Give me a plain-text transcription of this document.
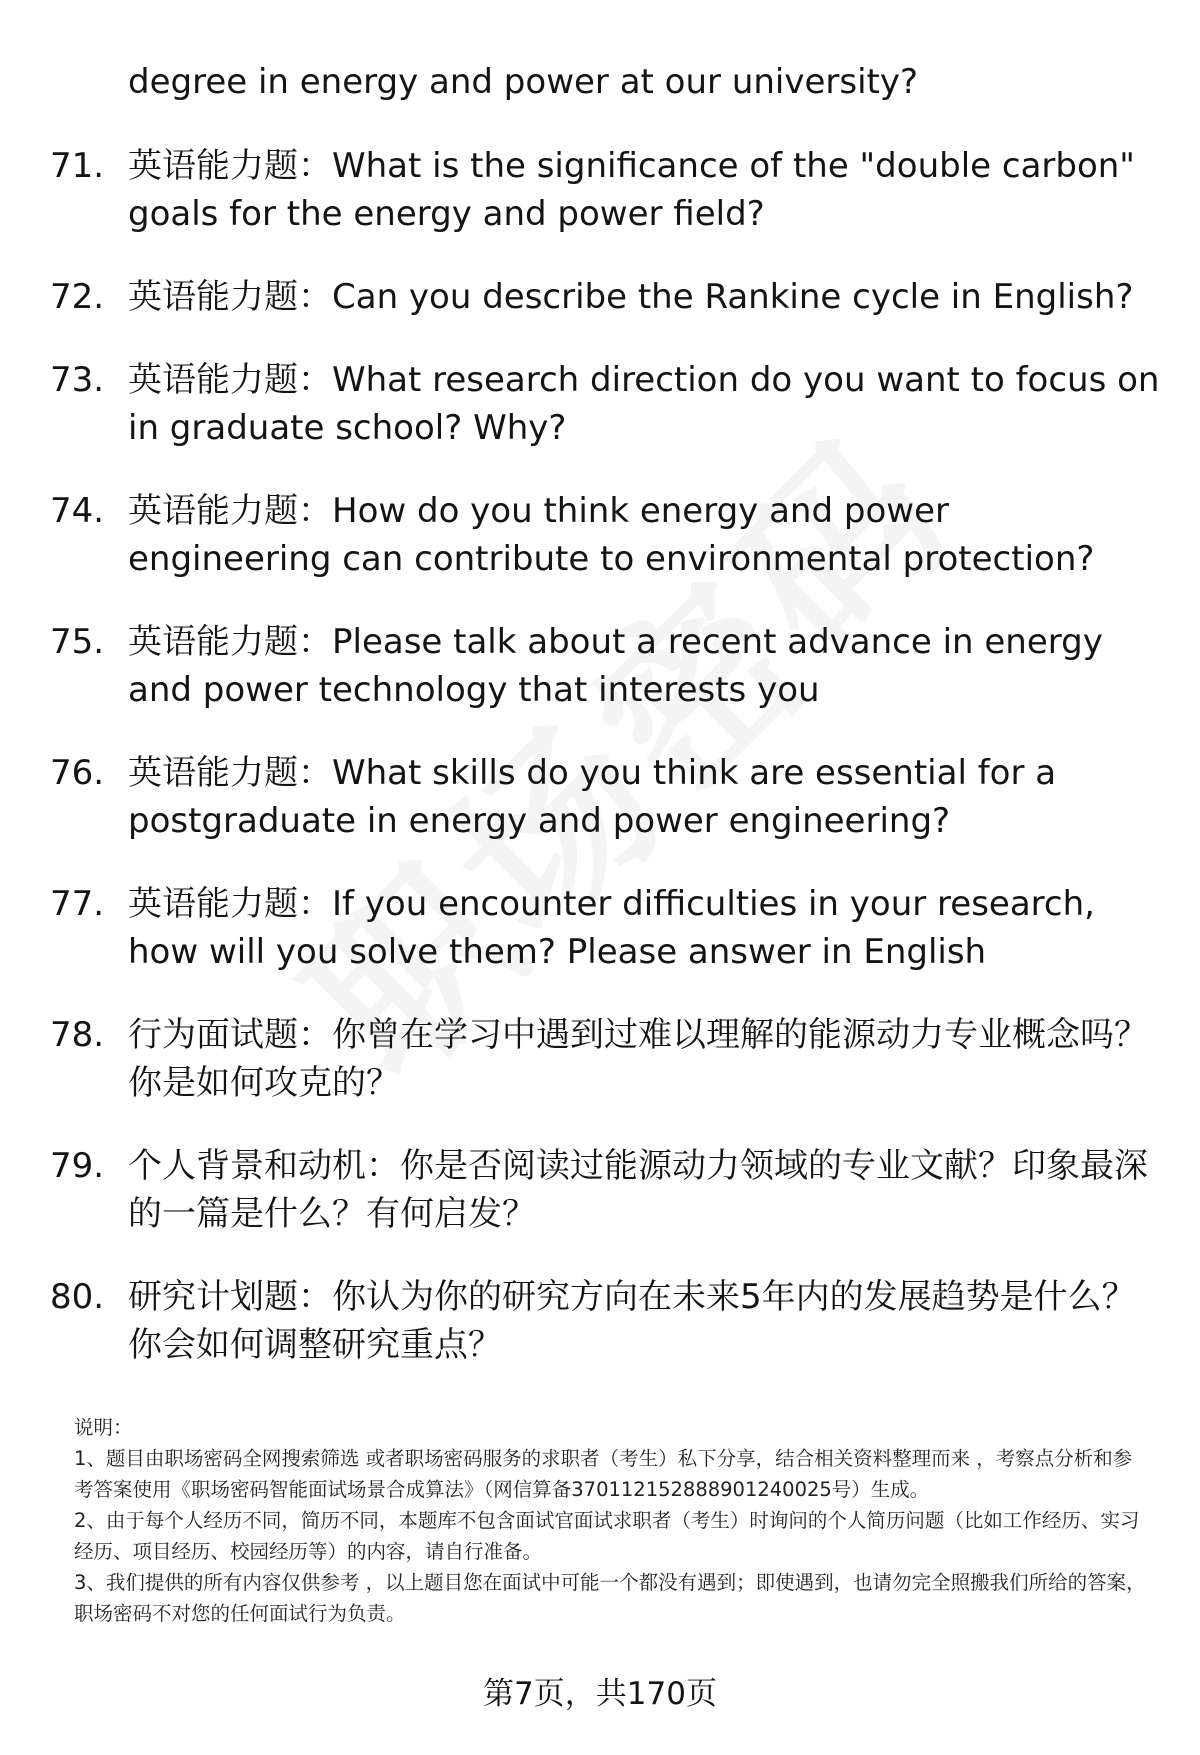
degree in energy and power at our university?
71. 英语能力题：What is the significance of the "double carbon" goals for the energy and power field?
72. 英语能力题：Can you describe the Rankine cycle in English?
73. 英语能力题：What research direction do you want to focus on in graduate school? Why?
74. 英语能力题：How do you think energy and power engineering can contribute to environmental protection?
75. 英语能力题：Please talk about a recent advance in energy and power technology that interests you
76. 英语能力题：What skills do you think are essential for a postgraduate in energy and power engineering?
77. 英语能力题：If you encounter difficulties in your research, how will you solve them? Please answer in English
78. 行为面试题：你曾在学习中遇到过难以理解的能源动力专业概念吗？你是如何攻克的？
79. 个人背景和动机：你是否阅读过能源动力领域的专业文献？印象最深的一篇是什么？有何启发？
80. 研究计划题：你认为你的研究方向在未来5年内的发展趋势是什么？你会如何调整研究重点？

说明：

1、题目由职场密码全网搜索筛选 或者职场密码服务的求职者（考生）私下分享，结合相关资料整理而来 ，考察点分析和参考答案使用《职场密码智能面试场景合成算法》（网信算备370112152888901240025号）生成。

2、由于每个人经历不同，简历不同，本题库不包含面试官面试求职者（考生）时询问的个人简历问题（比如工作经历、实习经历、项目经历、校园经历等）的内容，请自行准备。

3、我们提供的所有内容仅供参考 ，以上题目您在面试中可能一个都没有遇到；即使遇到，也请勿完全照搬我们所给的答案，职场密码不对您的任何面试行为负责。

第7页，共170页
